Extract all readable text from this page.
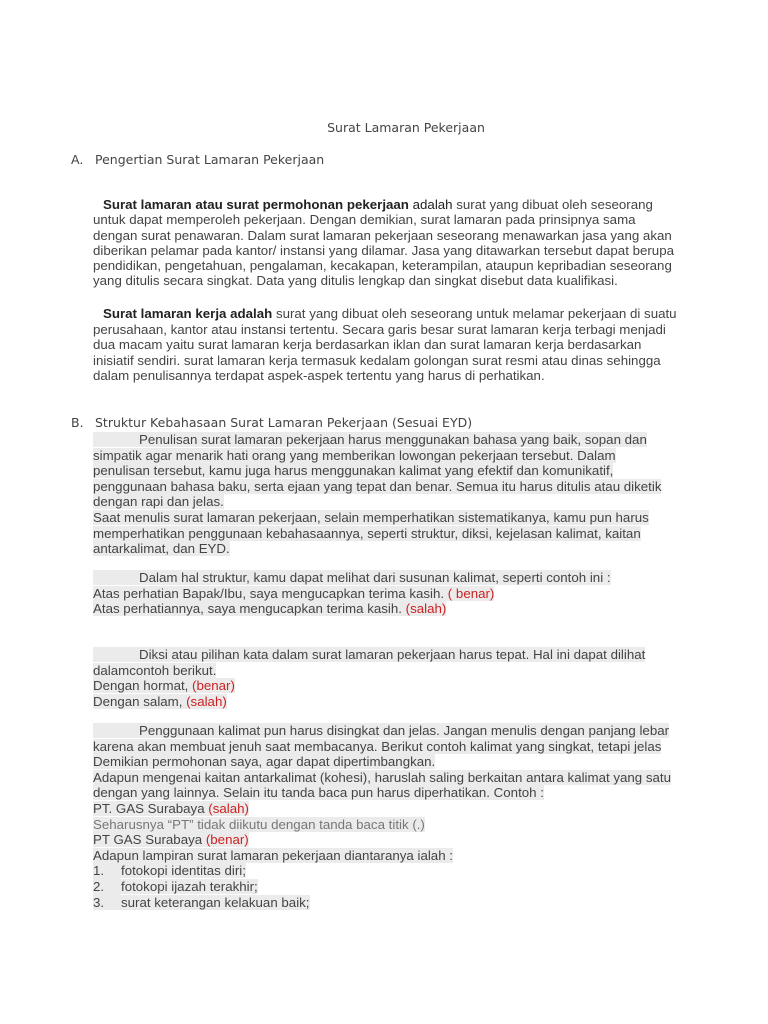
Surat Lamaran Pekerjaan
A. Pengertian Surat Lamaran Pekerjaan

Surat lamaran atau surat permohonan pekerjaan adalah surat yang dibuat oleh seseorang untuk dapat memperoleh pekerjaan. Dengan demikian, surat lamaran pada prinsipnya sama dengan surat penawaran. Dalam surat lamaran pekerjaan seseorang menawarkan jasa yang akan diberikan pelamar pada kantor/ instansi yang dilamar. Jasa yang ditawarkan tersebut dapat berupa pendidikan, pengetahuan, pengalaman, kecakapan, keterampilan, ataupun kepribadian seseorang yang ditulis secara singkat. Data yang ditulis lengkap dan singkat disebut data kualifikasi.

Surat lamaran kerja adalah surat yang dibuat oleh seseorang untuk melamar pekerjaan di suatu perusahaan, kantor atau instansi tertentu. Secara garis besar surat lamaran kerja terbagi menjadi dua macam yaitu surat lamaran kerja berdasarkan iklan dan surat lamaran kerja berdasarkan inisiatif sendiri. surat lamaran kerja termasuk kedalam golongan surat resmi atau dinas sehingga dalam penulisannya terdapat aspek-aspek tertentu yang harus di perhatikan.

B. Struktur Kebahasaan Surat Lamaran Pekerjaan (Sesuai EYD)

Penulisan surat lamaran pekerjaan harus menggunakan bahasa yang baik, sopan dan simpatik agar menarik hati orang yang memberikan lowongan pekerjaan tersebut. Dalam penulisan tersebut, kamu juga harus menggunakan kalimat yang efektif dan komunikatif, penggunaan bahasa baku, serta ejaan yang tepat dan benar. Semua itu harus ditulis atau diketik dengan rapi dan jelas.

Saat menulis surat lamaran pekerjaan, selain memperhatikan sistematikanya, kamu pun harus memperhatikan penggunaan kebahasaannya, seperti struktur, diksi, kejelasan kalimat, kaitan antarkalimat, dan EYD.

Dalam hal struktur, kamu dapat melihat dari susunan kalimat, seperti contoh ini :

Atas perhatian Bapak/Ibu, saya mengucapkan terima kasih. ( benar)

Atas perhatiannya, saya mengucapkan terima kasih. (salah)

Diksi atau pilihan kata dalam surat lamaran pekerjaan harus tepat. Hal ini dapat dilihat dalamcontoh berikut.

Dengan hormat, (benar)

Dengan salam, (salah)

Penggunaan kalimat pun harus disingkat dan jelas. Jangan menulis dengan panjang lebar karena akan membuat jenuh saat membacanya. Berikut contoh kalimat yang singkat, tetapi jelas

Demikian permohonan saya, agar dapat dipertimbangkan.

Adapun mengenai kaitan antarkalimat (kohesi), haruslah saling berkaitan antara kalimat yang satu dengan yang lainnya. Selain itu tanda baca pun harus diperhatikan. Contoh :

PT. GAS Surabaya (salah)

Seharusnya “PT” tidak diikutu dengan tanda baca titik (.)

PT GAS Surabaya (benar)

Adapun lampiran surat lamaran pekerjaan diantaranya ialah :

1. fotokopi identitas diri;

2. fotokopi ijazah terakhir;

3. surat keterangan kelakuan baik;
